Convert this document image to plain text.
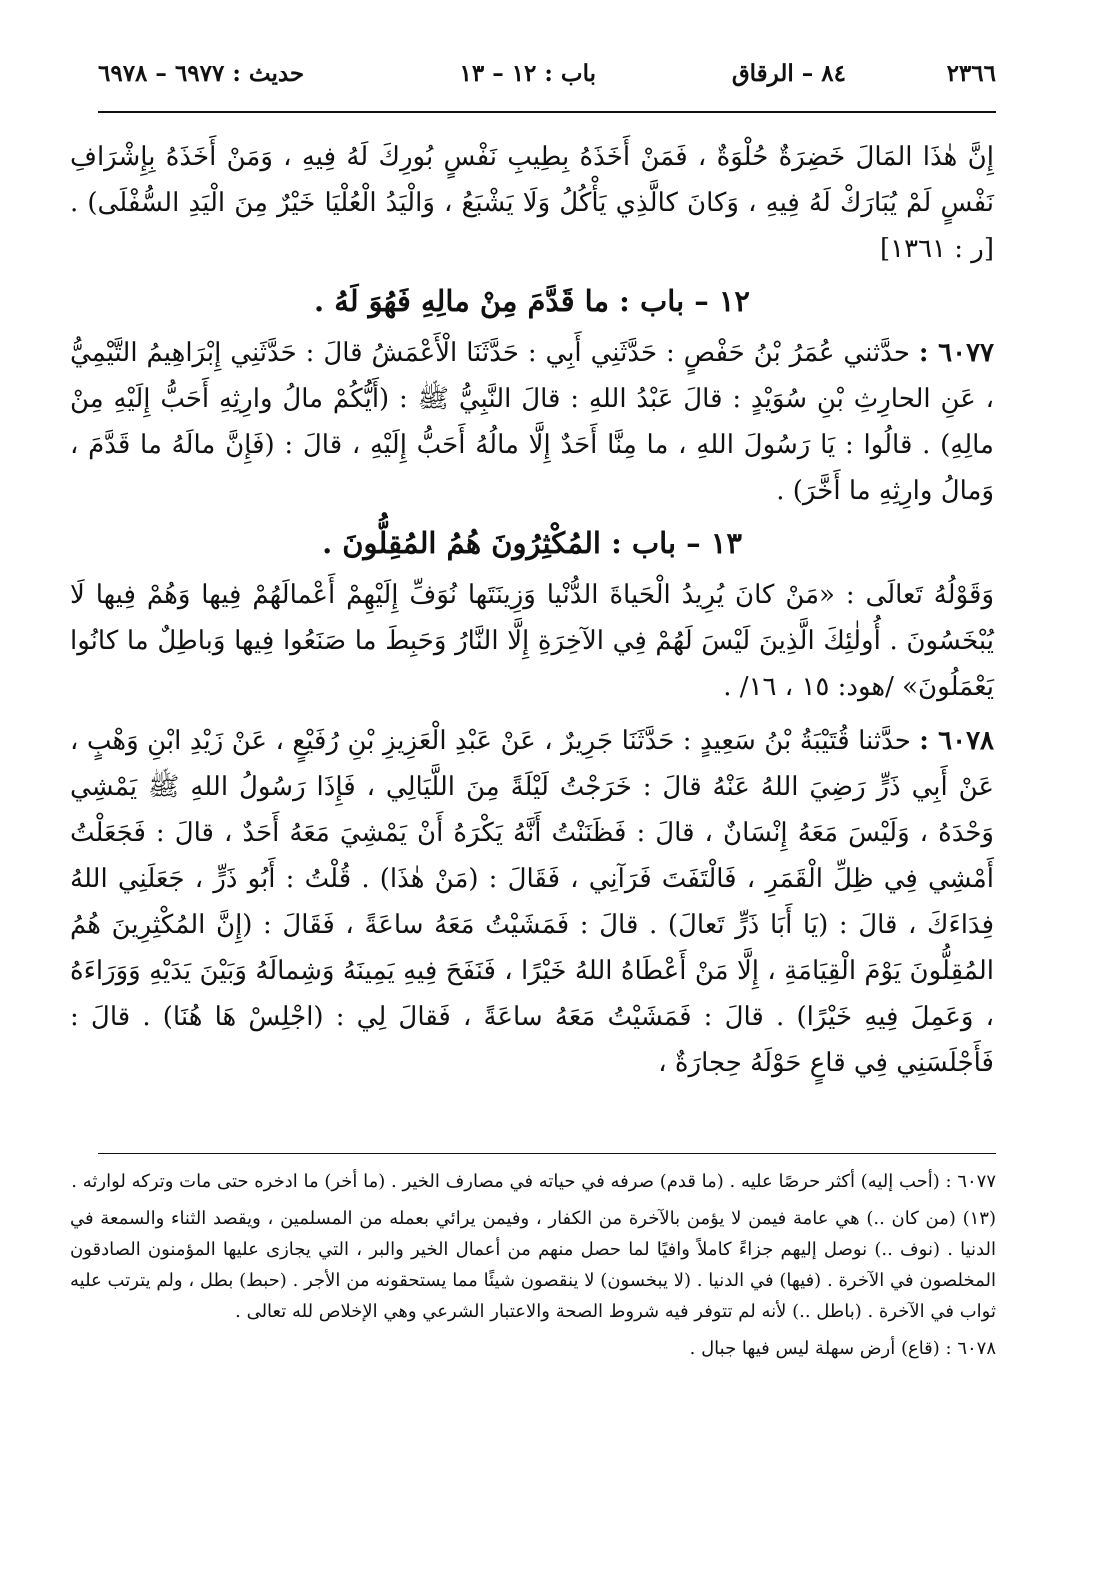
٢٣٦٦
٨٤ – الرقاق
باب : ١٢ – ١٣
حديث : ٦٩٧٧ – ٦٩٧٨

إِنَّ هٰذَا المَالَ خَضِرَةٌ حُلْوَةٌ ، فَمَنْ أَخَذَهُ بِطِيبِ نَفْسٍ بُورِكَ لَهُ فِيهِ ، وَمَنْ أَخَذَهُ بِإِشْرَافِ نَفْسٍ لَمْ يُبَارَكْ لَهُ فِيهِ ، وَكانَ كالَّذِي يَأْكُلُ وَلَا يَشْبَعُ ، وَالْيَدُ الْعُلْيَا خَيْرٌ مِنَ الْيَدِ السُّفْلَى) . [ر : ١٣٦١]

١٢ – باب : ما قَدَّمَ مِنْ مالِهِ فَهُوَ لَهُ .

٦٠٧٧ : حدَّثني عُمَرُ بْنُ حَفْصٍ : حَدَّثَنِي أَبِي : حَدَّثَنَا الْأَعْمَشُ قالَ : حَدَّثَنِي إِبْرَاهِيمُ التَّيْمِيُّ ، عَنِ الحارِثِ بْنِ سُوَيْدٍ : قالَ عَبْدُ اللهِ : قالَ النَّبِيُّ ﷺ : (أَيُّكُمْ مالُ وارِثِهِ أَحَبُّ إِلَيْهِ مِنْ مالِهِ) . قالُوا : يَا رَسُولَ اللهِ ، ما مِنَّا أَحَدٌ إِلَّا مالُهُ أَحَبُّ إِلَيْهِ ، قالَ : (فَإِنَّ مالَهُ ما قَدَّمَ ، وَمالُ وارِثِهِ ما أَخَّرَ) .

١٣ – باب : المُكْثِرُونَ هُمُ المُقِلُّونَ .

وَقَوْلُهُ تَعالَى : «مَنْ كانَ يُرِيدُ الْحَياةَ الدُّنْيا وَزِينَتَها نُوَفِّ إِلَيْهِمْ أَعْمالَهُمْ فِيها وَهُمْ فِيها لَا يُبْخَسُونَ . أُولٰئِكَ الَّذِينَ لَيْسَ لَهُمْ فِي الآخِرَةِ إِلَّا النَّارُ وَحَبِطَ ما صَنَعُوا فِيها وَباطِلٌ ما كانُوا يَعْمَلُونَ» /هود: ١٥ ، ١٦/ .

٦٠٧٨ : حدَّثنا قُتَيْبَةُ بْنُ سَعِيدٍ : حَدَّثَنَا جَرِيرٌ ، عَنْ عَبْدِ الْعَزِيزِ بْنِ رُفَيْعٍ ، عَنْ زَيْدِ ابْنِ وَهْبٍ ، عَنْ أَبِي ذَرٍّ رَضِيَ اللهُ عَنْهُ قالَ : خَرَجْتُ لَيْلَةً مِنَ اللَّيَالِي ، فَإِذَا رَسُولُ اللهِ ﷺ يَمْشِي وَحْدَهُ ، وَلَيْسَ مَعَهُ إِنْسَانٌ ، قالَ : فَظَنَنْتُ أَنَّهُ يَكْرَهُ أَنْ يَمْشِيَ مَعَهُ أَحَدٌ ، قالَ : فَجَعَلْتُ أَمْشِي فِي ظِلِّ الْقَمَرِ ، فَالْتَفَتَ فَرَآنِي ، فَقَالَ : (مَنْ هٰذَا) . قُلْتُ : أَبُو ذَرٍّ ، جَعَلَنِي اللهُ فِدَاءَكَ ، قالَ : (يَا أَبَا ذَرٍّ تَعالَ) . قالَ : فَمَشَيْتُ مَعَهُ ساعَةً ، فَقَالَ : (إِنَّ المُكْثِرِينَ هُمُ المُقِلُّونَ يَوْمَ الْقِيَامَةِ ، إِلَّا مَنْ أَعْطَاهُ اللهُ خَيْرًا ، فَنَفَحَ فِيهِ يَمِينَهُ وَشِمالَهُ وَبَيْنَ يَدَيْهِ وَوَرَاءَهُ ، وَعَمِلَ فِيهِ خَيْرًا) . قالَ : فَمَشَيْتُ مَعَهُ ساعَةً ، فَقالَ لِي : (اجْلِسْ هَا هُنَا) . قالَ : فَأَجْلَسَنِي فِي قاعٍ حَوْلَهُ حِجارَةٌ ،

٦٠٧٧ : (أحب إليه) أكثر حرصًا عليه . (ما قدم) صرفه في حياته في مصارف الخير . (ما أخر) ما ادخره حتى مات وتركه لوارثه .

(١٣) (من كان ..) هي عامة فيمن لا يؤمن بالآخرة من الكفار ، وفيمن يرائي بعمله من المسلمين ، ويقصد الثناء والسمعة في الدنيا . (نوف ..) نوصل إليهم جزاءً كاملاً وافيًا لما حصل منهم من أعمال الخير والبر ، التي يجازى عليها المؤمنون الصادقون المخلصون في الآخرة . (فيها) في الدنيا . (لا يبخسون) لا ينقصون شيئًا مما يستحقونه من الأجر . (حبط) بطل ، ولم يترتب عليه ثواب في الآخرة . (باطل ..) لأنه لم تتوفر فيه شروط الصحة والاعتبار الشرعي وهي الإخلاص لله تعالى .

٦٠٧٨ : (قاع) أرض سهلة ليس فيها جبال .
